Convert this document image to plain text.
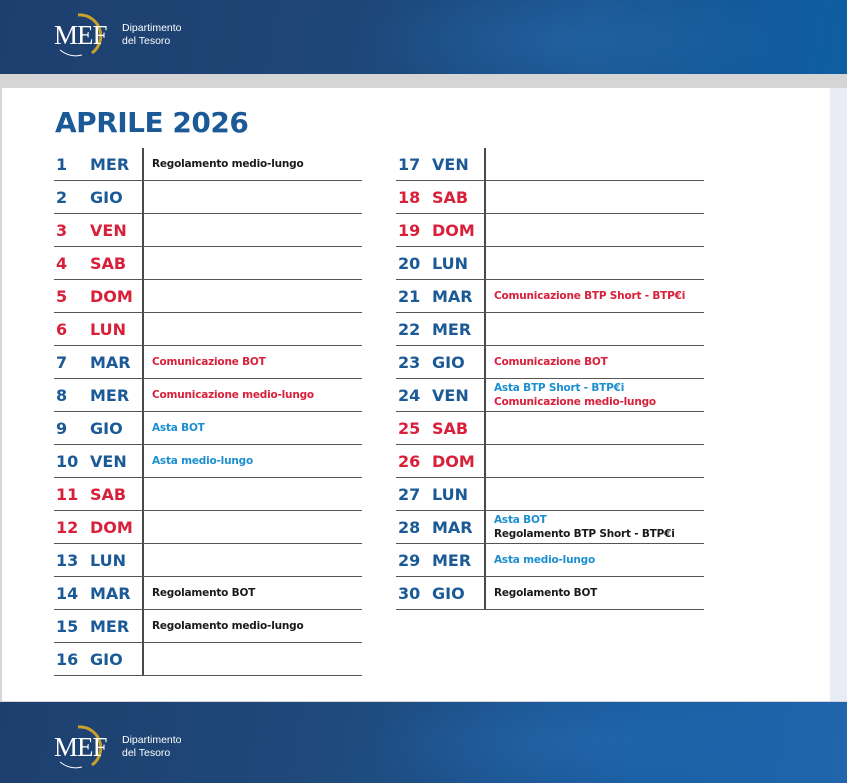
MEF Dipartimento
del Tesoro
APRILE 2026
1	MER	Regolamento medio-lungo
2	GIO
3	VEN
4	SAB
5	DOM
6	LUN
7	MAR	Comunicazione BOT
8	MER	Comunicazione medio-lungo
9	GIO	Asta BOT
10 VEN	Asta medio-lungo
11 SAB
12 DOM
13 LUN
14 MAR	Regolamento BOT
15 MER	Regolamento medio-lungo
16 GIO
17 VEN
18 SAB
19 DOM
20 LUN
21 MAR	Comunicazione BTP Short - BTP€i
22 MER
23 GIO	Comunicazione BOT
24 VEN	Asta BTP Short - BTP€i
Comunicazione medio-lungo
25 SAB
26 DOM
27 LUN
28 MAR	Asta BOT
Regolamento BTP Short - BTP€i
29 MER	Asta medio-lungo
30 GIO	Regolamento BOT
MEF Dipartimento
del Tesoro
